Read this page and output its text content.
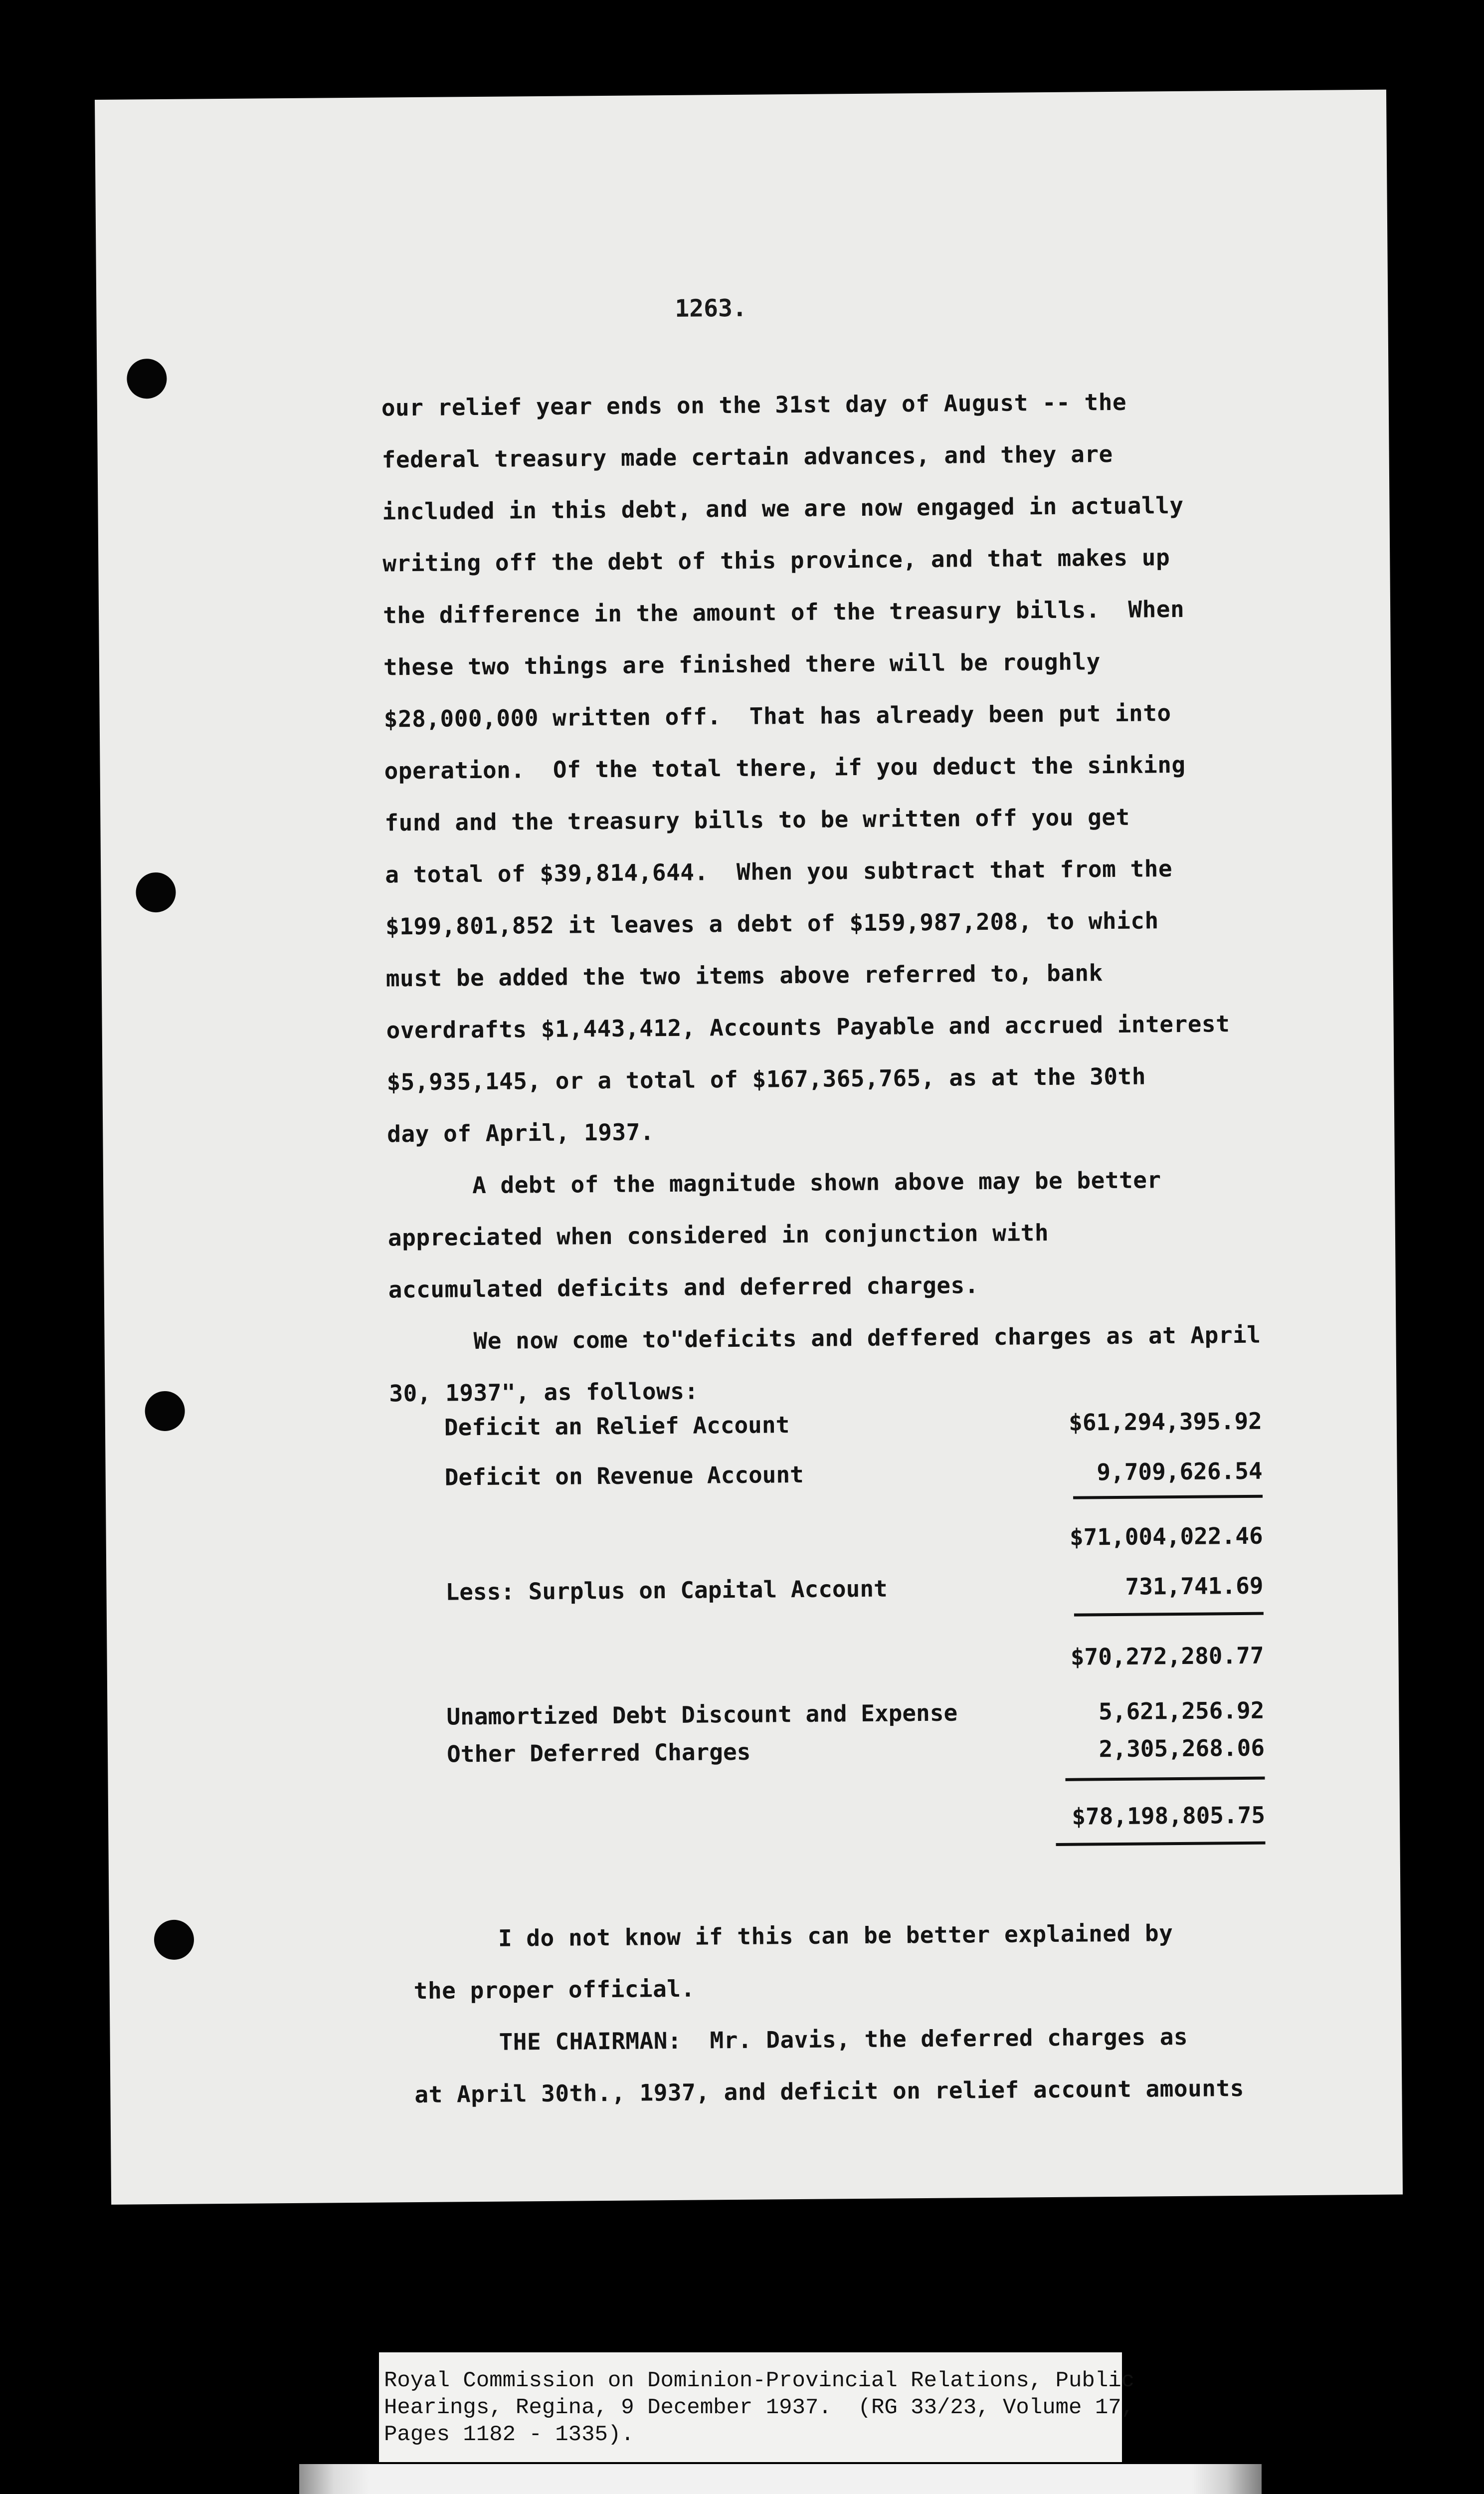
1263.

our relief year ends on the 31st day of August -- the

federal treasury made certain advances, and they are

included in this debt, and we are now engaged in actually

writing off the debt of this province, and that makes up

the difference in the amount of the treasury bills.  When

these two things are finished there will be roughly

$28,000,000 written off.  That has already been put into

operation.  Of the total there, if you deduct the sinking

fund and the treasury bills to be written off you get

a total of $39,814,644.  When you subtract that from the

$199,801,852 it leaves a debt of $159,987,208, to which

must be added the two items above referred to, bank

overdrafts $1,443,412, Accounts Payable and accrued interest

$5,935,145, or a total of $167,365,765, as at the 30th

day of April, 1937.

A debt of the magnitude shown above may be better

appreciated when considered in conjunction with

accumulated deficits and deferred charges.

We now come to"deficits and deffered charges as at April

30, 1937", as follows:

Deficit an Relief Account	$61,294,395.92
Deficit on Revenue Account	9,709,626.54
$71,004,022.46
Less: Surplus on Capital Account	731,741.69
$70,272,280.77
Unamortized Debt Discount and Expense	5,621,256.92
Other Deferred Charges	2,305,268.06
$78,198,805.75

I do not know if this can be better explained by

the proper official.

THE CHAIRMAN:  Mr. Davis, the deferred charges as

at April 30th., 1937, and deficit on relief account amounts

Royal Commission on Dominion-Provincial Relations, Public
Hearings, Regina, 9 December 1937.  (RG 33/23, Volume 17,
Pages 1182 - 1335).
